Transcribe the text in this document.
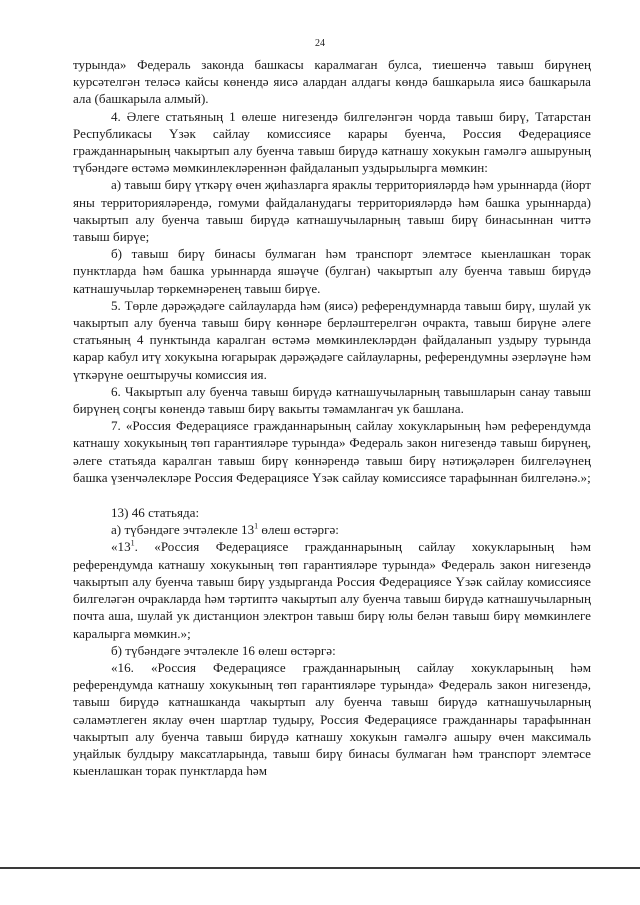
24

турында» Федераль законда башкасы каралмаган булса, тиешенчә тавыш бирүнең курсәтелгән теләсә кайсы көнендә яисә алардан алдагы көндә башкарыла яисә башкарыла ала (башкарыла алмый).

4. Әлеге статьяның 1 өлеше нигезендә билгеләнгән чорда тавыш бирү, Татарстан Республикасы Үзәк сайлау комиссиясе карары буенча, Россия Федерациясе гражданнарының чакыртып алу буенча тавыш бирүдә катнашу хокукын гамәлгә ашыруның түбәндәге өстәмә мөмкинлекләреннән файдаланып уздырылырга мөмкин:

а) тавыш бирү үткәрү өчен җиһазларга яраклы территорияләрдә һәм урыннарда (йорт яны территорияләрендә, гомуми файдаланудагы территорияләрдә һәм башка урыннарда) чакыртып алу буенча тавыш бирүдә катнашучыларның тавыш бирү бинасыннан читтә тавыш бирүе;

б) тавыш бирү бинасы булмаган һәм транспорт элемтәсе кыенлашкан торак пунктларда һәм башка урыннарда яшәүче (булган) чакыртып алу буенча тавыш бирүдә катнашучылар төркемнәренең тавыш бирүе.

5. Төрле дәрәҗәдәге сайлауларда һәм (яисә) референдумнарда тавыш бирү, шулай ук чакыртып алу буенча тавыш бирү көннәре берләштерелгән очракта, тавыш бирүне әлеге статьяның 4 пунктында каралган өстәмә мөмкинлекләрдән файдаланып уздыру турында карар кабул итү хокукына югарырак дәрәҗәдәге сайлауларны, референдумны әзерләүне һәм үткәрүне оештыручы комиссия ия.

6. Чакыртып алу буенча тавыш бирүдә катнашучыларның тавышларын санау тавыш бирүнең соңгы көнендә тавыш бирү вакыты тәмамлангач ук башлана.

7. «Россия Федерациясе гражданнарының сайлау хокукларының һәм референдумда катнашу хокукының төп гарантияләре турында» Федераль закон нигезендә тавыш бирүнең, әлеге статьяда каралган тавыш бирү көннәрендә тавыш бирү нәтиҗәләрен билгеләүнең башка үзенчәлекләре Россия Федерациясе Үзәк сайлау комиссиясе тарафыннан билгеләнә.»;

13) 46 статьяда:

а) түбәндәге эчтәлекле $13^1$ өлеш өстәргә:

«$13^1$. «Россия Федерациясе гражданнарының сайлау хокукларының һәм референдумда катнашу хокукының төп гарантияләре турында» Федераль закон нигезендә чакыртып алу буенча тавыш бирү уздырганда Россия Федерациясе Үзәк сайлау комиссиясе билгеләгән очракларда һәм тәртиптә чакыртып алу буенча тавыш бирүдә катнашучыларның почта аша, шулай ук дистанцион электрон тавыш бирү юлы белән тавыш бирү мөмкинлеге каралырга мөмкин.»;

б) түбәндәге эчтәлекле 16 өлеш өстәргә:

«16. «Россия Федерациясе гражданнарының сайлау хокукларының һәм референдумда катнашу хокукының төп гарантияләре турында» Федераль закон нигезендә, тавыш бирүдә катнашканда чакыртып алу буенча тавыш бирүдә катнашучыларның сәламәтлеген яклау өчен шартлар тудыру, Россия Федерациясе гражданнары тарафыннан чакыртып алу буенча тавыш бирүдә катнашу хокукын гамәлгә ашыру өчен максималь уңайлык булдыру максатларында, тавыш бирү бинасы булмаган һәм транспорт элемтәсе кыенлашкан торак пунктларда һәм
